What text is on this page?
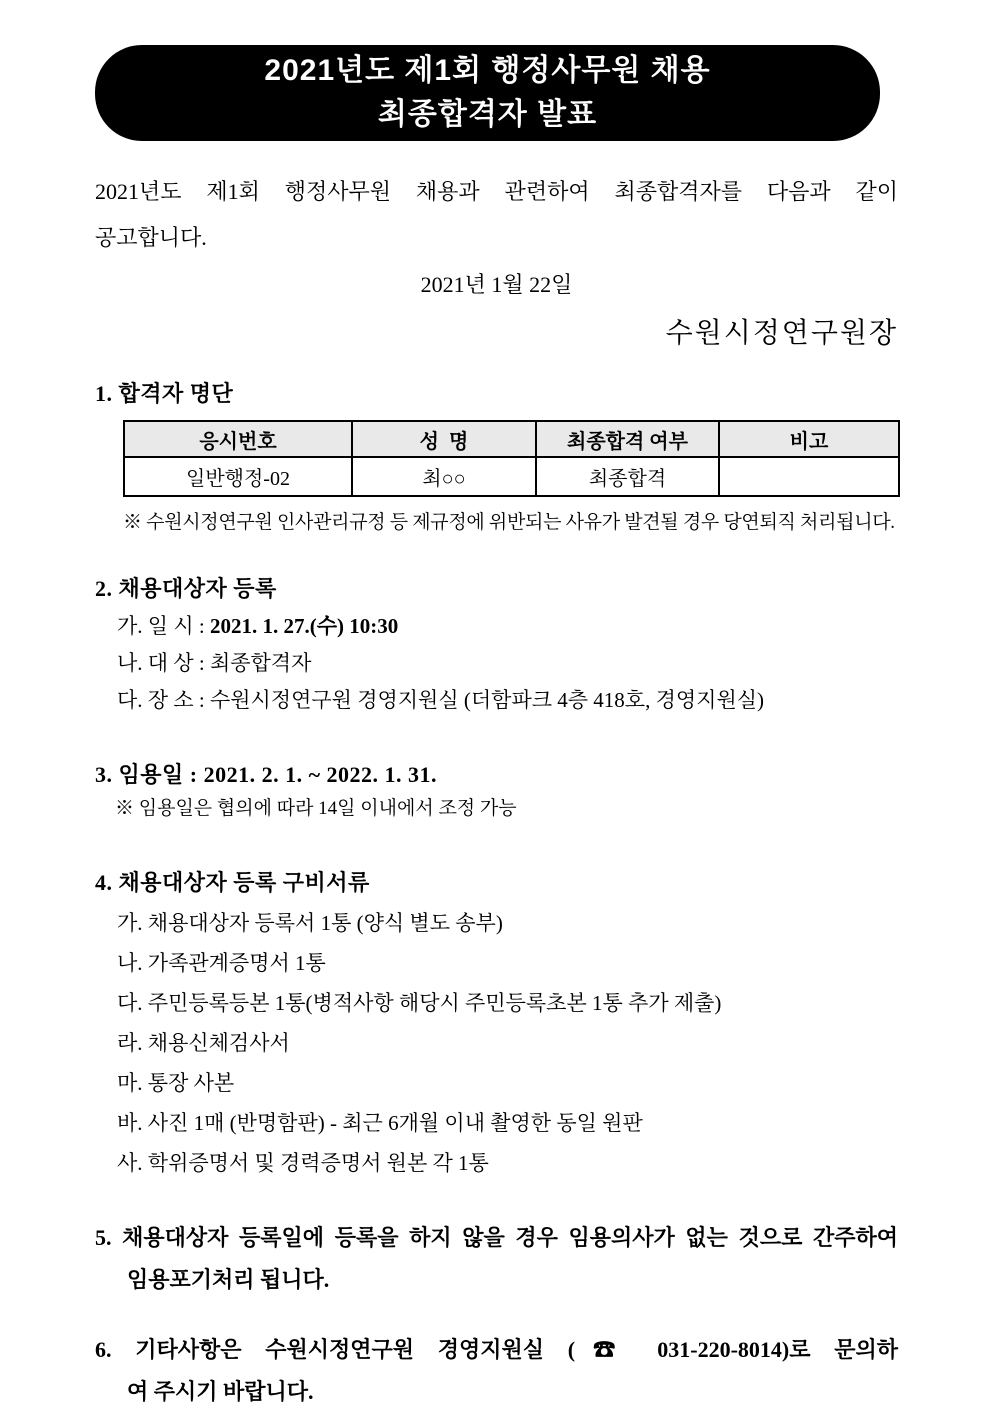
2021년도 제1회 행정사무원 채용
최종합격자 발표

2021년도 제1회 행정사무원 채용과 관련하여 최종합격자를 다음과 같이

공고합니다.

2021년 1월 22일

수원시정연구원장

1. 합격자 명단
응시번호	성  명	최종합격 여부	비고
일반행정-02	최○○	최종합격	

※ 수원시정연구원 인사관리규정 등 제규정에 위반되는 사유가 발견될 경우 당연퇴직 처리됩니다.

2. 채용대상자 등록
가. 일 시 : 2021. 1. 27.(수) 10:30
나. 대 상 : 최종합격자
다. 장 소 : 수원시정연구원 경영지원실 (더함파크 4층 418호, 경영지원실)
3. 임용일 : 2021. 2. 1. ~ 2022. 1. 31.

※ 임용일은 협의에 따라 14일 이내에서 조정 가능

4. 채용대상자 등록 구비서류
가. 채용대상자 등록서 1통 (양식 별도 송부)
나. 가족관계증명서 1통
다. 주민등록등본 1통(병적사항 해당시 주민등록초본 1통 추가 제출)
라. 채용신체검사서
마. 통장 사본
바. 사진 1매 (반명함판) - 최근 6개월 이내 촬영한 동일 원판
사. 학위증명서 및 경력증명서 원본 각 1통

5. 채용대상자 등록일에 등록을 하지 않을 경우 임용의사가 없는 것으로 간주하여

임용포기처리 됩니다.

6. 기타사항은 수원시정연구원 경영지원실 (☎ 031-220-8014)로 문의하

여 주시기 바랍니다.
